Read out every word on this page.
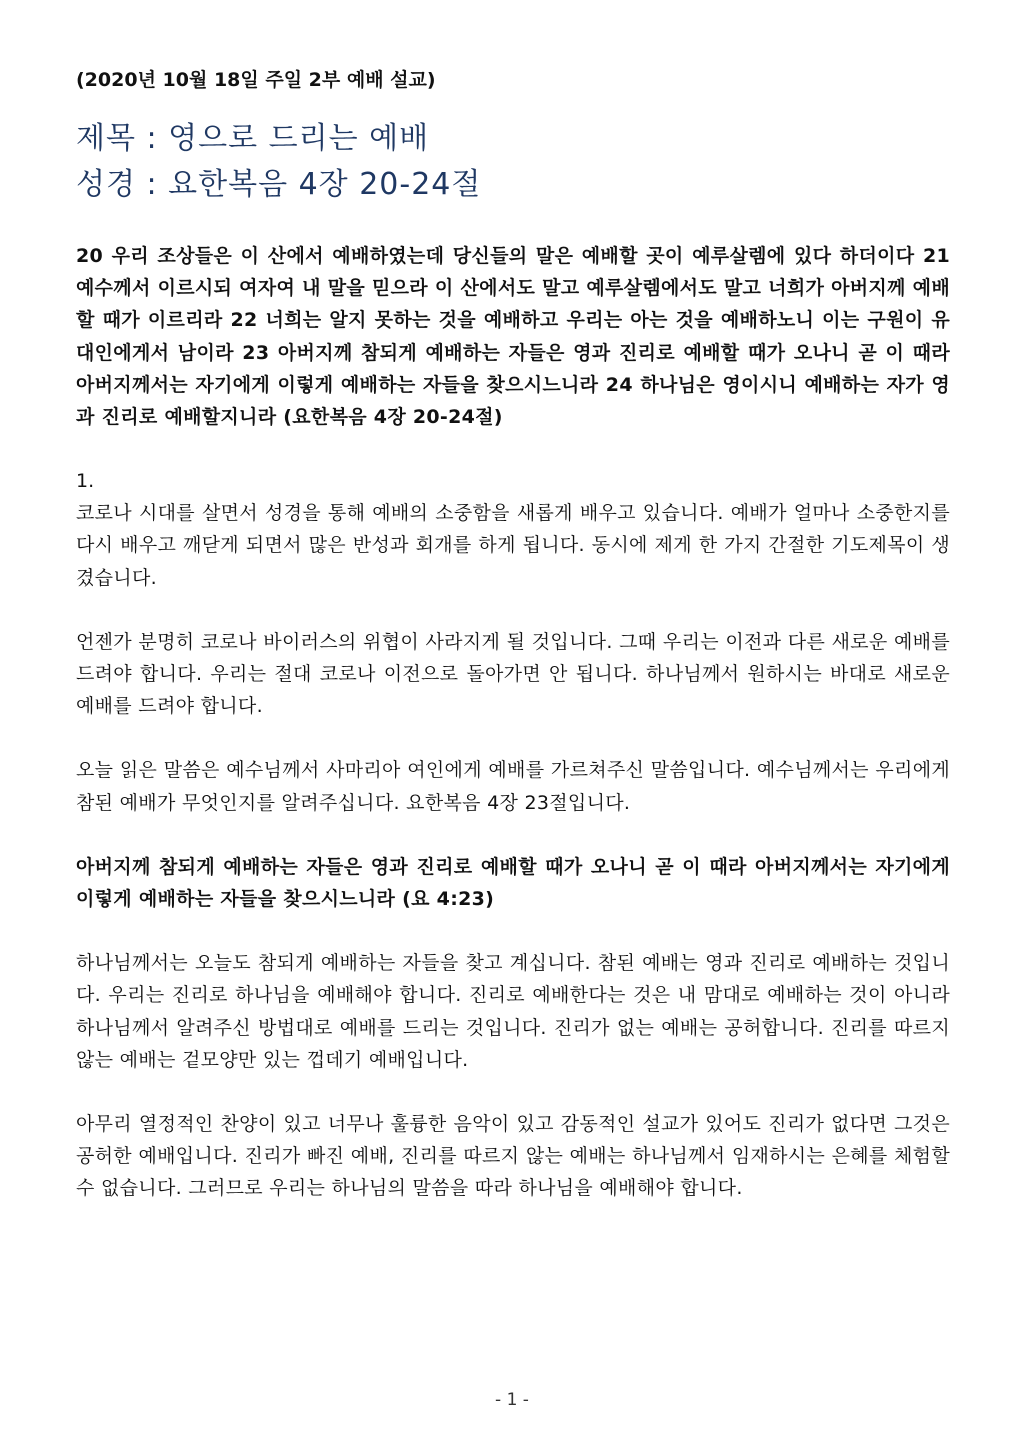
(2020년 10월 18일 주일 2부 예배 설교)

제목 : 영으로 드리는 예배

성경 : 요한복음 4장 20-24절

20 우리 조상들은 이 산에서 예배하였는데 당신들의 말은 예배할 곳이 예루살렘에 있다 하더이다 21 예수께서 이르시되 여자여 내 말을 믿으라 이 산에서도 말고 예루살렘에서도 말고 너희가 아버지께 예배할 때가 이르리라 22 너희는 알지 못하는 것을 예배하고 우리는 아는 것을 예배하노니 이는 구원이 유대인에게서 남이라 23 아버지께 참되게 예배하는 자들은 영과 진리로 예배할 때가 오나니 곧 이 때라 아버지께서는 자기에게 이렇게 예배하는 자들을 찾으시느니라 24 하나님은 영이시니 예배하는 자가 영과 진리로 예배할지니라 (요한복음 4장 20-24절)

1.

코로나 시대를 살면서 성경을 통해 예배의 소중함을 새롭게 배우고 있습니다. 예배가 얼마나 소중한지를 다시 배우고 깨닫게 되면서 많은 반성과 회개를 하게 됩니다. 동시에 제게 한 가지 간절한 기도제목이 생겼습니다.

언젠가 분명히 코로나 바이러스의 위협이 사라지게 될 것입니다. 그때 우리는 이전과 다른 새로운 예배를 드려야 합니다. 우리는 절대 코로나 이전으로 돌아가면 안 됩니다. 하나님께서 원하시는 바대로 새로운 예배를 드려야 합니다.

오늘 읽은 말씀은 예수님께서 사마리아 여인에게 예배를 가르쳐주신 말씀입니다. 예수님께서는 우리에게 참된 예배가 무엇인지를 알려주십니다. 요한복음 4장 23절입니다.

아버지께 참되게 예배하는 자들은 영과 진리로 예배할 때가 오나니 곧 이 때라 아버지께서는 자기에게 이렇게 예배하는 자들을 찾으시느니라 (요 4:23)

하나님께서는 오늘도 참되게 예배하는 자들을 찾고 계십니다. 참된 예배는 영과 진리로 예배하는 것입니다. 우리는 진리로 하나님을 예배해야 합니다. 진리로 예배한다는 것은 내 맘대로 예배하는 것이 아니라 하나님께서 알려주신 방법대로 예배를 드리는 것입니다. 진리가 없는 예배는 공허합니다. 진리를 따르지 않는 예배는 겉모양만 있는 껍데기 예배입니다.

아무리 열정적인 찬양이 있고 너무나 훌륭한 음악이 있고 감동적인 설교가 있어도 진리가 없다면 그것은 공허한 예배입니다. 진리가 빠진 예배, 진리를 따르지 않는 예배는 하나님께서 임재하시는 은혜를 체험할 수 없습니다. 그러므로 우리는 하나님의 말씀을 따라 하나님을 예배해야 합니다.

- 1 -
